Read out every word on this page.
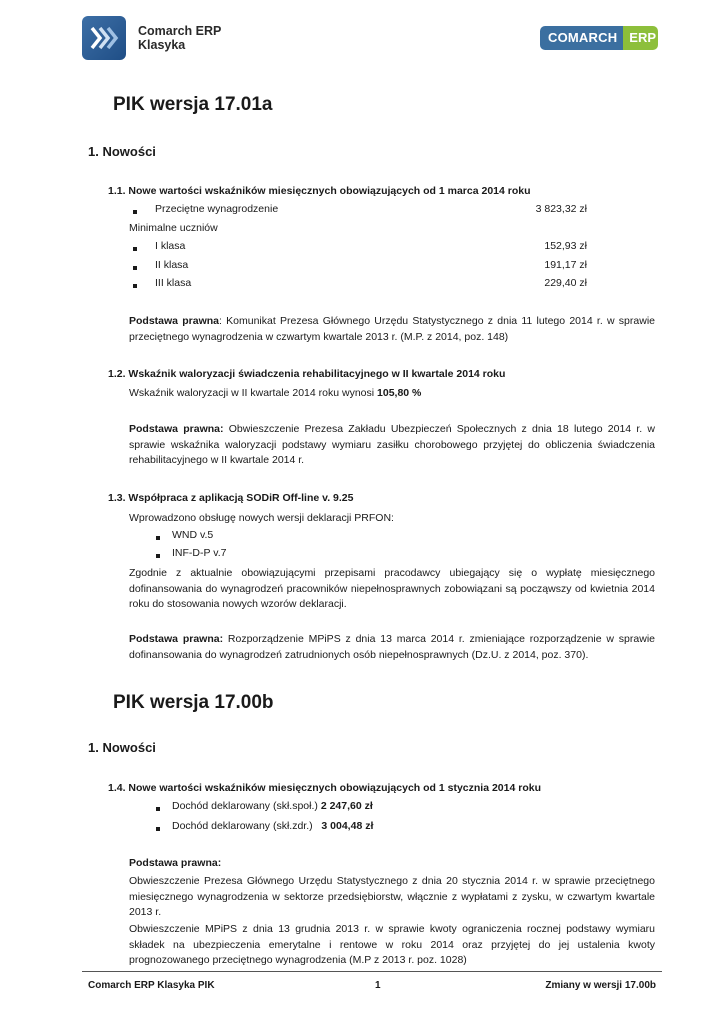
Comarch ERP
Klasyka	COMARCH ERP
PIK wersja 17.01a
1. Nowości
1.1. Nowe wartości wskaźników miesięcznych obowiązujących od 1 marca 2014 roku
Przeciętne wynagrodzenie	3 823,32 zł
Minimalne uczniów
I klasa	152,93 zł
II klasa	191,17 zł
III klasa	229,40 zł
Podstawa prawna: Komunikat Prezesa Głównego Urzędu Statystycznego z dnia 11 lutego 2014 r. w sprawie przeciętnego wynagrodzenia w czwartym kwartale 2013 r. (M.P. z 2014, poz. 148)
1.2. Wskaźnik waloryzacji świadczenia rehabilitacyjnego w II kwartale 2014 roku
Wskaźnik waloryzacji w II kwartale 2014 roku wynosi 105,80 %
Podstawa prawna: Obwieszczenie Prezesa Zakładu Ubezpieczeń Społecznych z dnia 18 lutego 2014 r. w sprawie wskaźnika waloryzacji podstawy wymiaru zasiłku chorobowego przyjętej do obliczenia świadczenia rehabilitacyjnego w II kwartale 2014 r.
1.3. Współpraca z aplikacją SODiR Off-line v. 9.25
Wprowadzono obsługę nowych wersji deklaracji PRFON:
WND v.5
INF-D-P v.7
Zgodnie z aktualnie obowiązującymi przepisami pracodawcy ubiegający się o wypłatę miesięcznego dofinansowania do wynagrodzeń pracowników niepełnosprawnych zobowiązani są począwszy od kwietnia 2014 roku do stosowania nowych wzorów deklaracji.
Podstawa prawna: Rozporządzenie MPiPS z dnia 13 marca 2014 r. zmieniające rozporządzenie w sprawie dofinansowania do wynagrodzeń zatrudnionych osób niepełnosprawnych (Dz.U. z 2014, poz. 370).
PIK wersja 17.00b
1. Nowości
1.4. Nowe wartości wskaźników miesięcznych obowiązujących od 1 stycznia 2014 roku
Dochód deklarowany (skł.społ.) 2 247,60 zł
Dochód deklarowany (skł.zdr.)   3 004,48 zł
Podstawa prawna:
Obwieszczenie Prezesa Głównego Urzędu Statystycznego z dnia 20 stycznia 2014 r. w sprawie przeciętnego miesięcznego wynagrodzenia w sektorze przedsiębiorstw, włącznie z wypłatami z zysku, w czwartym kwartale 2013 r.
Obwieszczenie MPiPS z dnia 13 grudnia 2013 r. w sprawie kwoty ograniczenia rocznej podstawy wymiaru składek na ubezpieczenia emerytalne i rentowe w roku 2014 oraz przyjętej do jej ustalenia kwoty prognozowanego przeciętnego wynagrodzenia (M.P z 2013 r. poz. 1028)
Comarch ERP Klasyka PIK	1	Zmiany w wersji 17.00b
